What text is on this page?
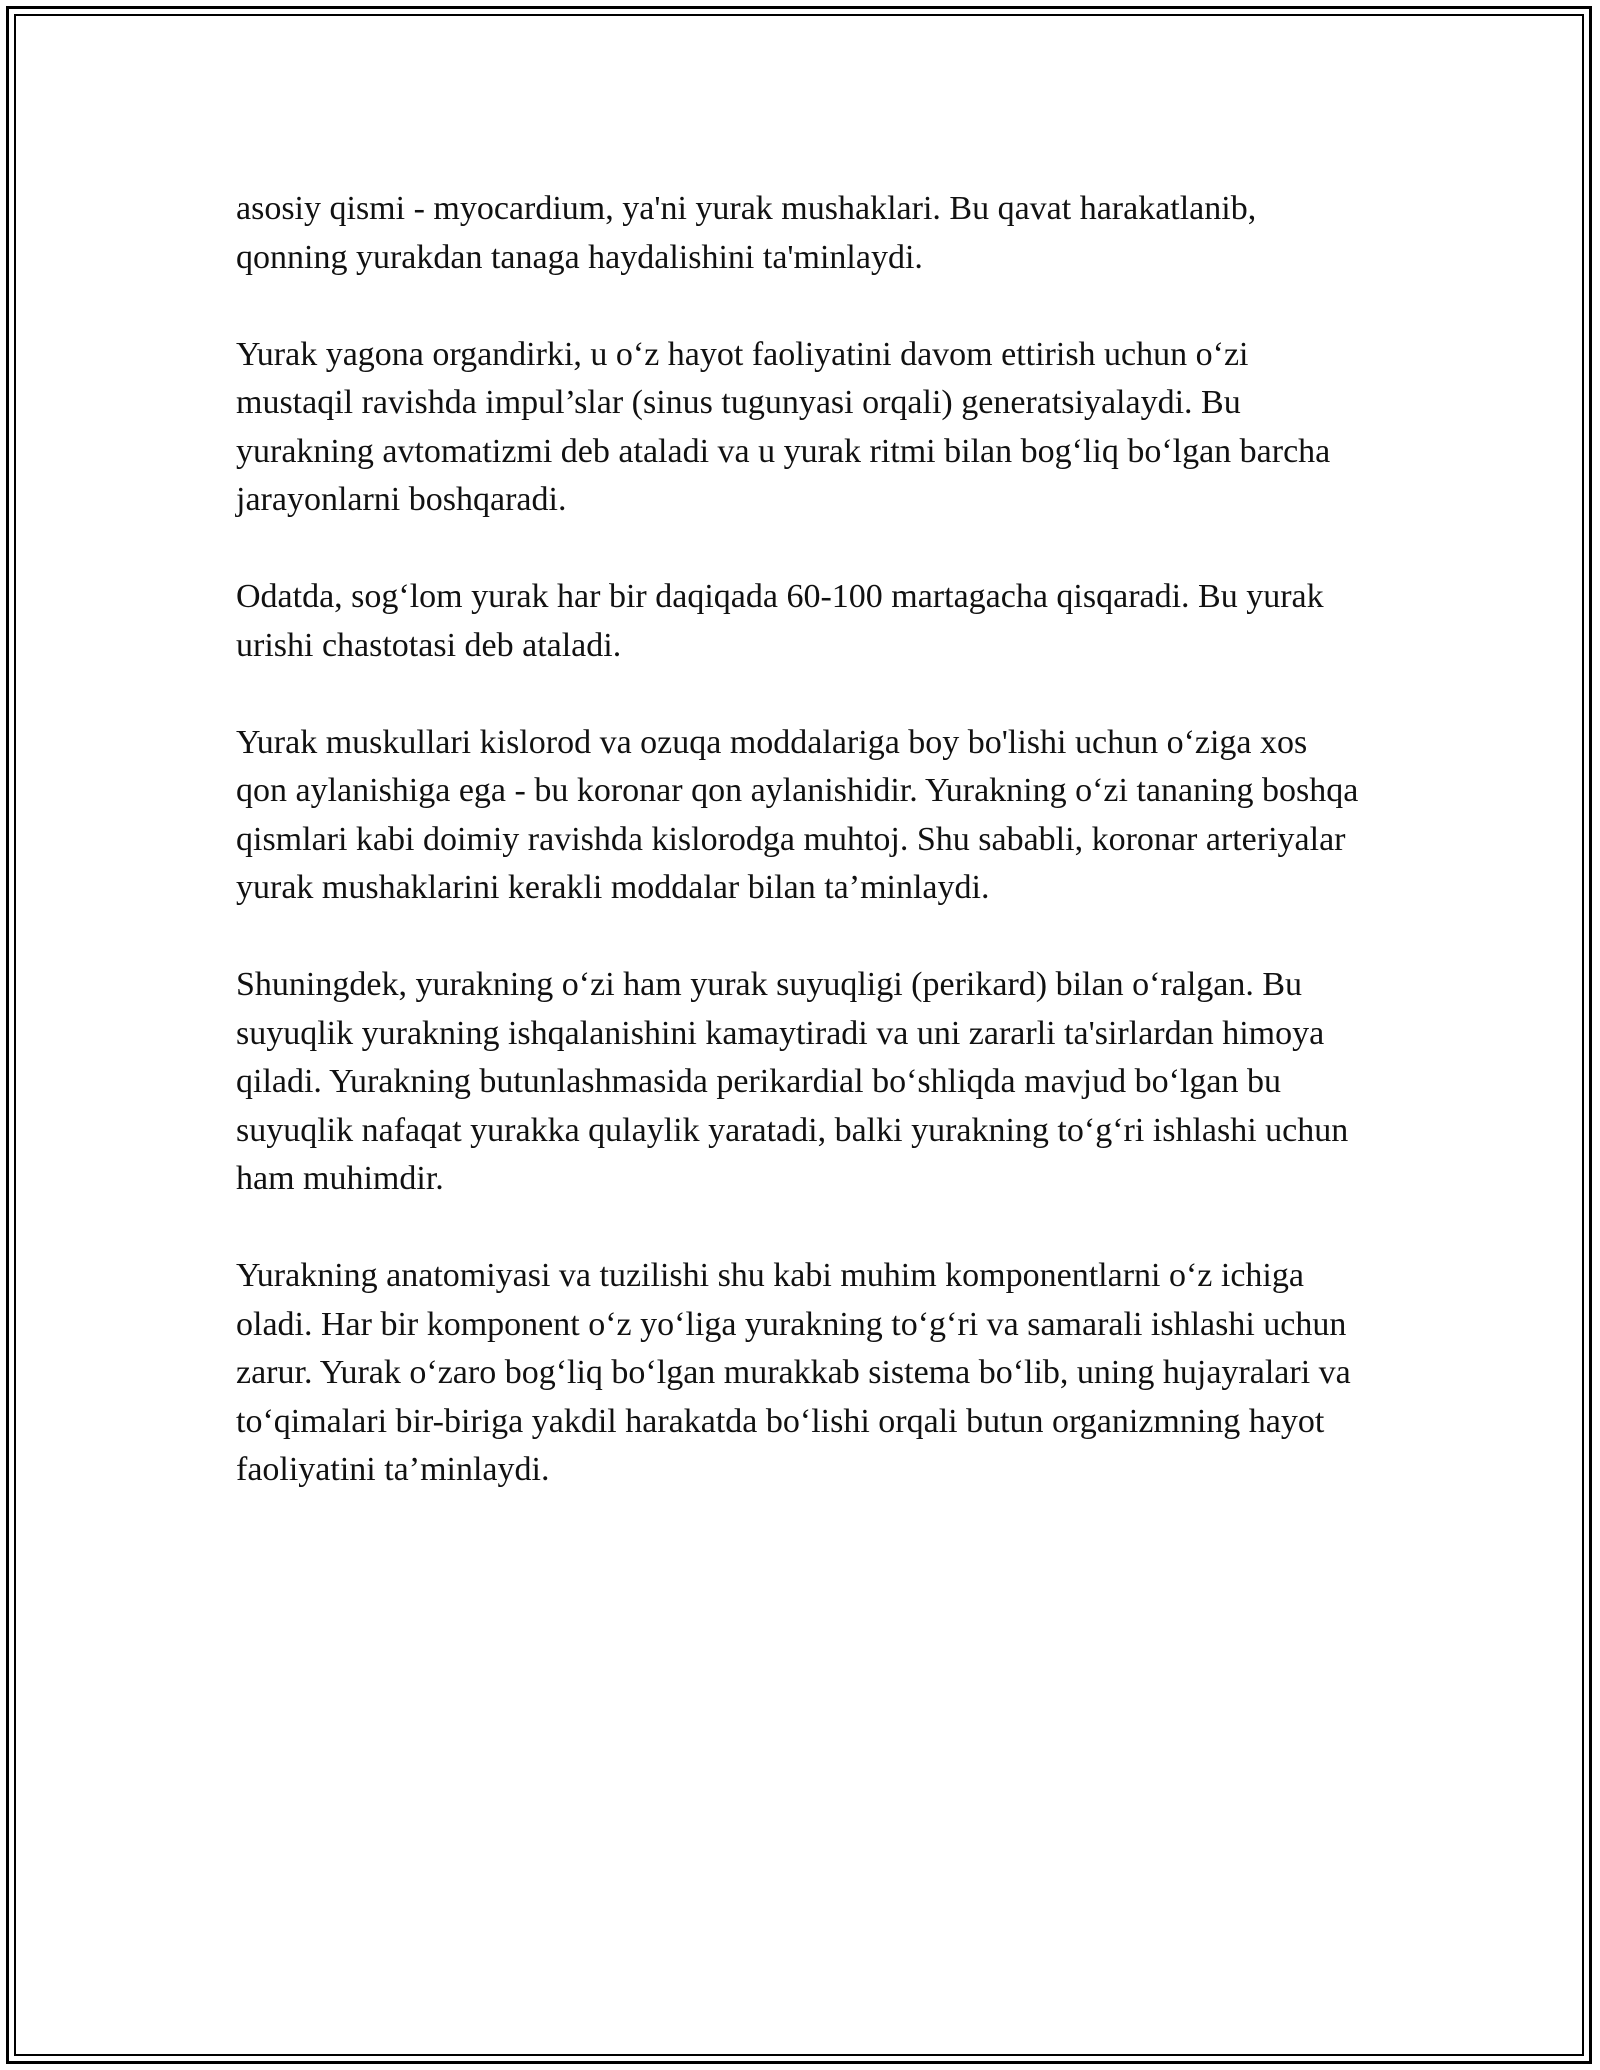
asosiy qismi - myocardium, ya'ni yurak mushaklari. Bu qavat harakatlanib, qonning yurakdan tanaga haydalishini ta'minlaydi.

Yurak yagona organdirki, u o‘z hayot faoliyatini davom ettirish uchun o‘zi mustaqil ravishda impul’slar (sinus tugunyasi orqali) generatsiyalaydi. Bu yurakning avtomatizmi deb ataladi va u yurak ritmi bilan bog‘liq bo‘lgan barcha jarayonlarni boshqaradi.

Odatda, sog‘lom yurak har bir daqiqada 60-100 martagacha qisqaradi. Bu yurak urishi chastotasi deb ataladi.

Yurak muskullari kislorod va ozuqa moddalariga boy bo'lishi uchun o‘ziga xos qon aylanishiga ega - bu koronar qon aylanishidir. Yurakning o‘zi tananing boshqa qismlari kabi doimiy ravishda kislorodga muhtoj. Shu sababli, koronar arteriyalar yurak mushaklarini kerakli moddalar bilan ta’minlaydi.

Shuningdek, yurakning o‘zi ham yurak suyuqligi (perikard) bilan o‘ralgan. Bu suyuqlik yurakning ishqalanishini kamaytiradi va uni zararli ta'sirlardan himoya qiladi. Yurakning butunlashmasida perikardial bo‘shliqda mavjud bo‘lgan bu suyuqlik nafaqat yurakka qulaylik yaratadi, balki yurakning to‘g‘ri ishlashi uchun ham muhimdir.

Yurakning anatomiyasi va tuzilishi shu kabi muhim komponentlarni o‘z ichiga oladi. Har bir komponent o‘z yo‘liga yurakning to‘g‘ri va samarali ishlashi uchun zarur. Yurak o‘zaro bog‘liq bo‘lgan murakkab sistema bo‘lib, uning hujayralari va to‘qimalari bir-biriga yakdil harakatda bo‘lishi orqali butun organizmning hayot faoliyatini ta’minlaydi.
